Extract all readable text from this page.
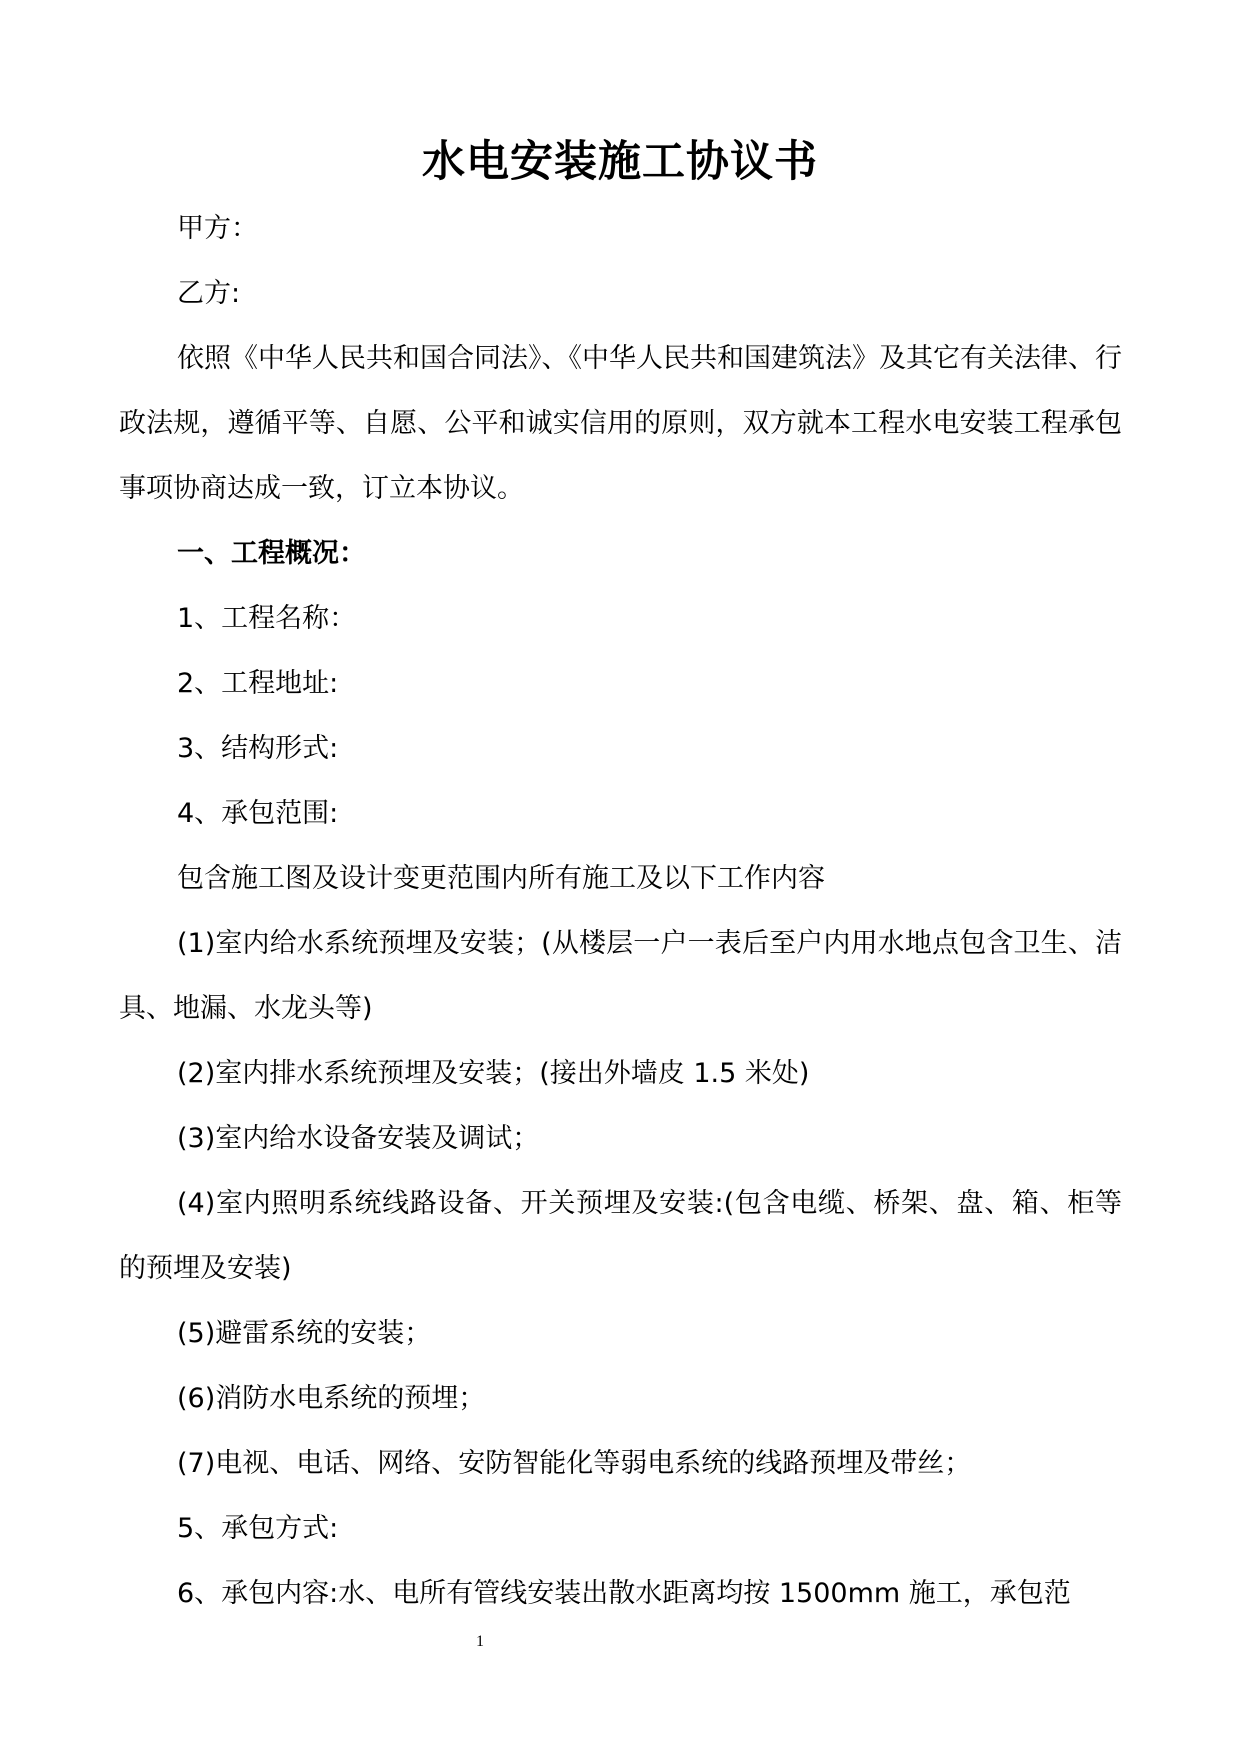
水电安装施工协议书

甲方：

乙方:

依照《中华人民共和国合同法》、《中华人民共和国建筑法》及其它有关法律、行政法规，遵循平等、自愿、公平和诚实信用的原则，双方就本工程水电安装工程承包事项协商达成一致，订立本协议。

一、工程概况：

1、工程名称：

2、工程地址:

3、结构形式:

4、承包范围:

包含施工图及设计变更范围内所有施工及以下工作内容

(1)室内给水系统预埋及安装；(从楼层一户一表后至户内用水地点包含卫生、洁具、地漏、水龙头等)

(2)室内排水系统预埋及安装；(接出外墙皮 1.5 米处)

(3)室内给水设备安装及调试；

(4)室内照明系统线路设备、开关预埋及安装:(包含电缆、桥架、盘、箱、柜等的预埋及安装)

(5)避雷系统的安装；

(6)消防水电系统的预埋；

(7)电视、电话、网络、安防智能化等弱电系统的线路预埋及带丝；

5、承包方式:

6、承包内容:水、电所有管线安装出散水距离均按 1500mm 施工，承包范

1
